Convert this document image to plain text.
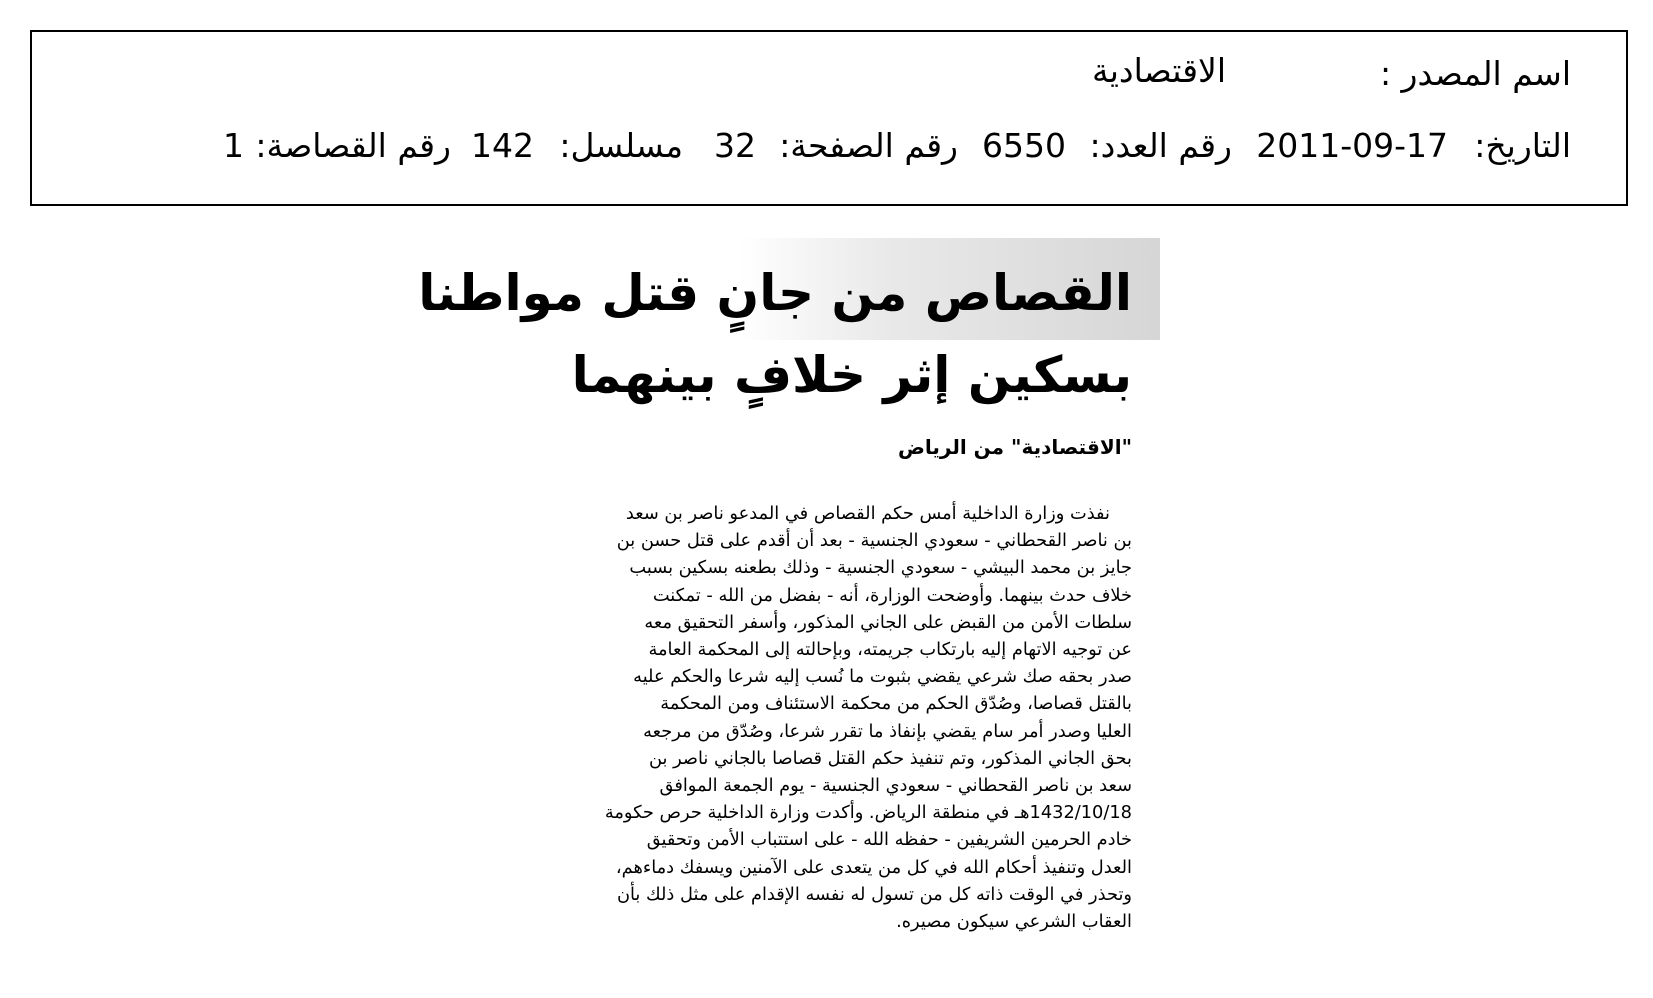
اسم المصدر :
الاقتصادية
التاريخ:
2011-09-17
رقم العدد:
6550
رقم الصفحة:
32
مسلسل:
142
رقم القصاصة:
1
القصاص من جانٍ قتل مواطنا
بسكين إثر خلافٍ بينهما
"الاقتصادية" من الرياض
نفذت وزارة الداخلية أمس حكم القصاص في المدعو ناصر بن سعد
بن ناصر القحطاني - سعودي الجنسية - بعد أن أقدم على قتل حسن بن
جايز بن محمد البيشي - سعودي الجنسية - وذلك بطعنه بسكين بسبب
خلاف حدث بينهما. وأوضحت الوزارة، أنه - بفضل من الله - تمكنت
سلطات الأمن من القبض على الجاني المذكور، وأسفر التحقيق معه
عن توجيه الاتهام إليه بارتكاب جريمته، وبإحالته إلى المحكمة العامة
صدر بحقه صك شرعي يقضي بثبوت ما نُسب إليه شرعا والحكم عليه
بالقتل قصاصا، وصُدّق الحكم من محكمة الاستئناف ومن المحكمة
العليا وصدر أمر سام يقضي بإنفاذ ما تقرر شرعا، وصُدّق من مرجعه
بحق الجاني المذكور، وتم تنفيذ حكم القتل قصاصا بالجاني ناصر بن
سعد بن ناصر القحطاني - سعودي الجنسية - يوم الجمعة الموافق
1432/10/18هـ في منطقة الرياض. وأكدت وزارة الداخلية حرص حكومة
خادم الحرمين الشريفين - حفظه الله - على استتباب الأمن وتحقيق
العدل وتنفيذ أحكام الله في كل من يتعدى على الآمنين ويسفك دماءهم،
وتحذر في الوقت ذاته كل من تسول له نفسه الإقدام على مثل ذلك بأن
العقاب الشرعي سيكون مصيره.
